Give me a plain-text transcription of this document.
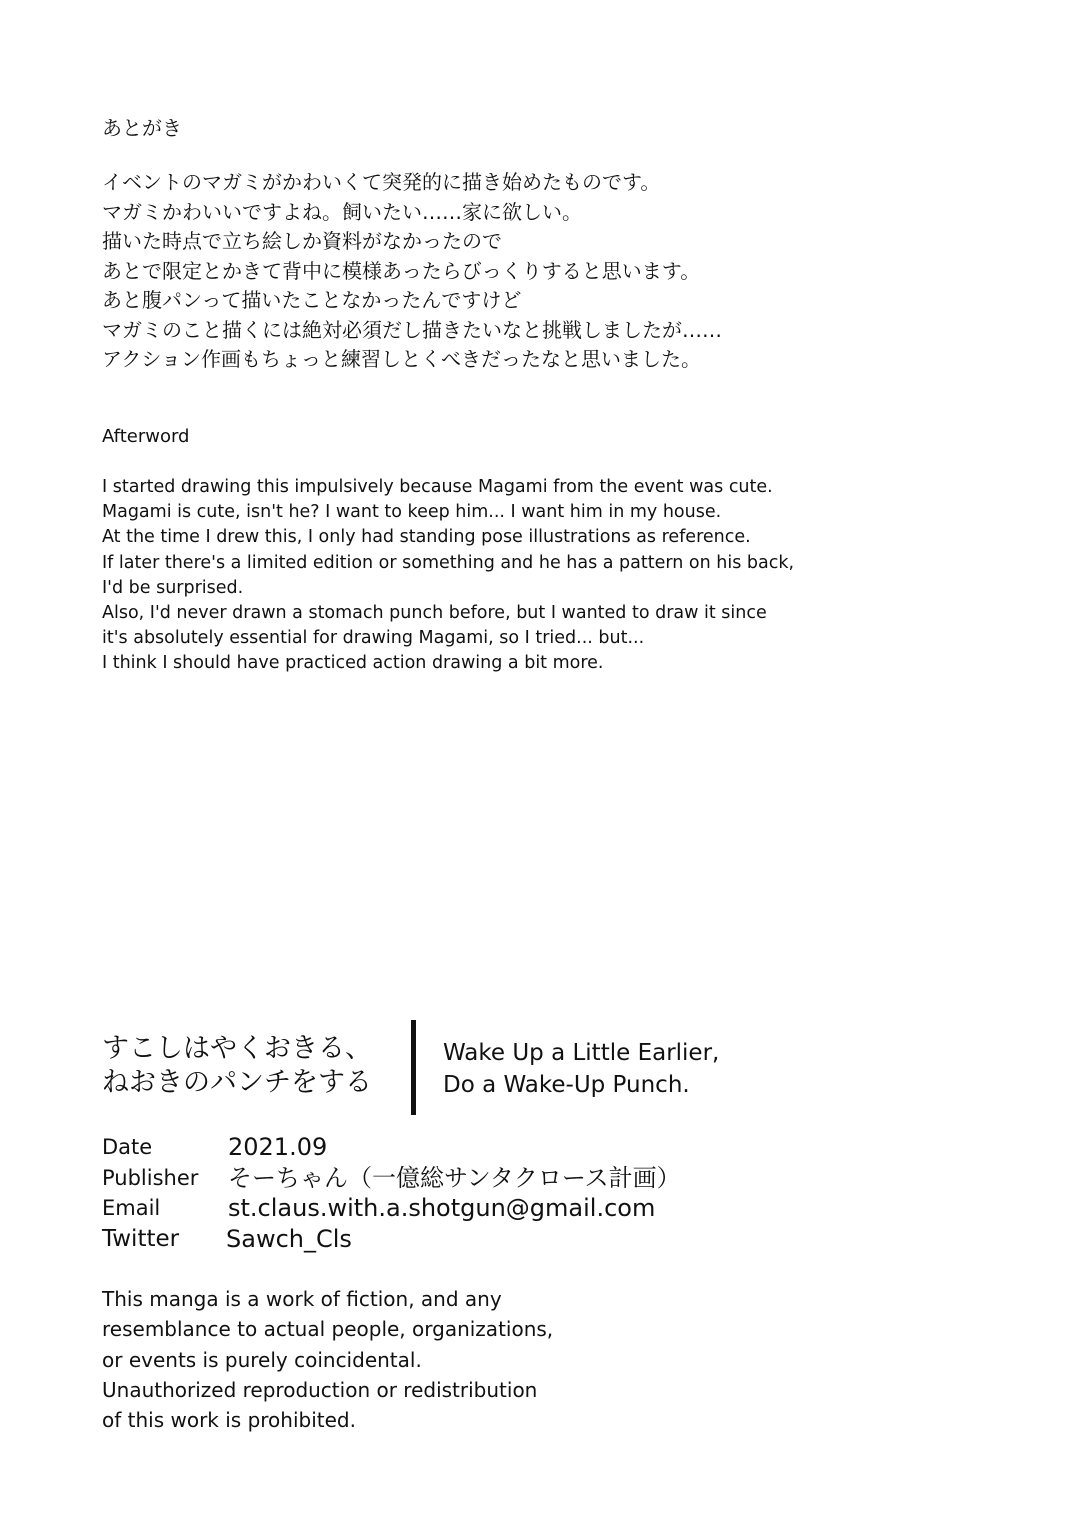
あとがき
イベントのマガミがかわいくて突発的に描き始めたものです。
マガミかわいいですよね。飼いたい……家に欲しい。
描いた時点で立ち絵しか資料がなかったので
あとで限定とかきて背中に模様あったらびっくりすると思います。
あと腹パンって描いたことなかったんですけど
マガミのこと描くには絶対必須だし描きたいなと挑戦しましたが……
アクション作画もちょっと練習しとくべきだったなと思いました。
Afterword
I started drawing this impulsively because Magami from the event was cute.
Magami is cute, isn't he? I want to keep him... I want him in my house.
At the time I drew this, I only had standing pose illustrations as reference.
If later there's a limited edition or something and he has a pattern on his back,
I'd be surprised.
Also, I'd never drawn a stomach punch before, but I wanted to draw it since
it's absolutely essential for drawing Magami, so I tried... but...
I think I should have practiced action drawing a bit more.
すこしはやくおきる、
ねおきのパンチをする
Wake Up a Little Earlier,
Do a Wake-Up Punch.
Date	2021.09
Publisher そーちゃん（一億総サンタクロース計画）
Email	st.claus.with.a.shotgun@gmail.com
Twitter Sawch_Cls
This manga is a work of fiction, and any
resemblance to actual people, organizations,
or events is purely coincidental.
Unauthorized reproduction or redistribution
of this work is prohibited.
